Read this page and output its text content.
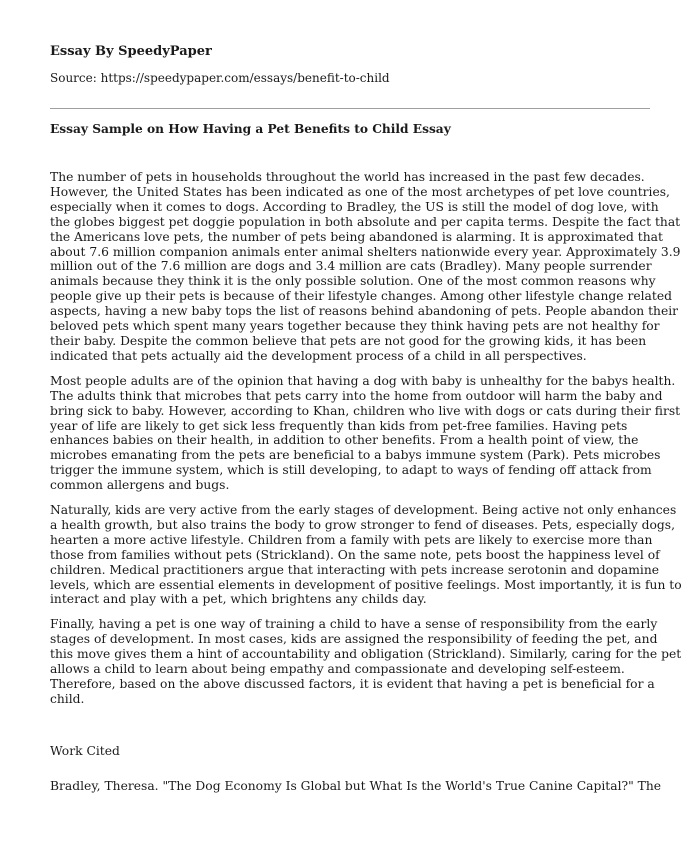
Essay By SpeedyPaper
Source: https://speedypaper.com/essays/benefit-to-child
Essay Sample on How Having a Pet Benefits to Child Essay

The number of pets in households throughout the world has increased in the past few decades.
However, the United States has been indicated as one of the most archetypes of pet love countries,
especially when it comes to dogs. According to Bradley, the US is still the model of dog love, with
the globes biggest pet doggie population in both absolute and per capita terms. Despite the fact that
the Americans love pets, the number of pets being abandoned is alarming. It is approximated that
about 7.6 million companion animals enter animal shelters nationwide every year. Approximately 3.9
million out of the 7.6 million are dogs and 3.4 million are cats (Bradley). Many people surrender
animals because they think it is the only possible solution. One of the most common reasons why
people give up their pets is because of their lifestyle changes. Among other lifestyle change related
aspects, having a new baby tops the list of reasons behind abandoning of pets. People abandon their
beloved pets which spent many years together because they think having pets are not healthy for
their baby. Despite the common believe that pets are not good for the growing kids, it has been
indicated that pets actually aid the development process of a child in all perspectives.

Most people adults are of the opinion that having a dog with baby is unhealthy for the babys health.
The adults think that microbes that pets carry into the home from outdoor will harm the baby and
bring sick to baby. However, according to Khan, children who live with dogs or cats during their first
year of life are likely to get sick less frequently than kids from pet-free families. Having pets
enhances babies on their health, in addition to other benefits. From a health point of view, the
microbes emanating from the pets are beneficial to a babys immune system (Park). Pets microbes
trigger the immune system, which is still developing, to adapt to ways of fending off attack from
common allergens and bugs.

Naturally, kids are very active from the early stages of development. Being active not only enhances
a health growth, but also trains the body to grow stronger to fend of diseases. Pets, especially dogs,
hearten a more active lifestyle. Children from a family with pets are likely to exercise more than
those from families without pets (Strickland). On the same note, pets boost the happiness level of
children. Medical practitioners argue that interacting with pets increase serotonin and dopamine
levels, which are essential elements in development of positive feelings. Most importantly, it is fun to
interact and play with a pet, which brightens any childs day.

Finally, having a pet is one way of training a child to have a sense of responsibility from the early
stages of development. In most cases, kids are assigned the responsibility of feeding the pet, and
this move gives them a hint of accountability and obligation (Strickland). Similarly, caring for the pet
allows a child to learn about being empathy and compassionate and developing self-esteem.
Therefore, based on the above discussed factors, it is evident that having a pet is beneficial for a
child.

Work Cited
Bradley, Theresa. "The Dog Economy Is Global but What Is the World's True Canine Capital?" The
